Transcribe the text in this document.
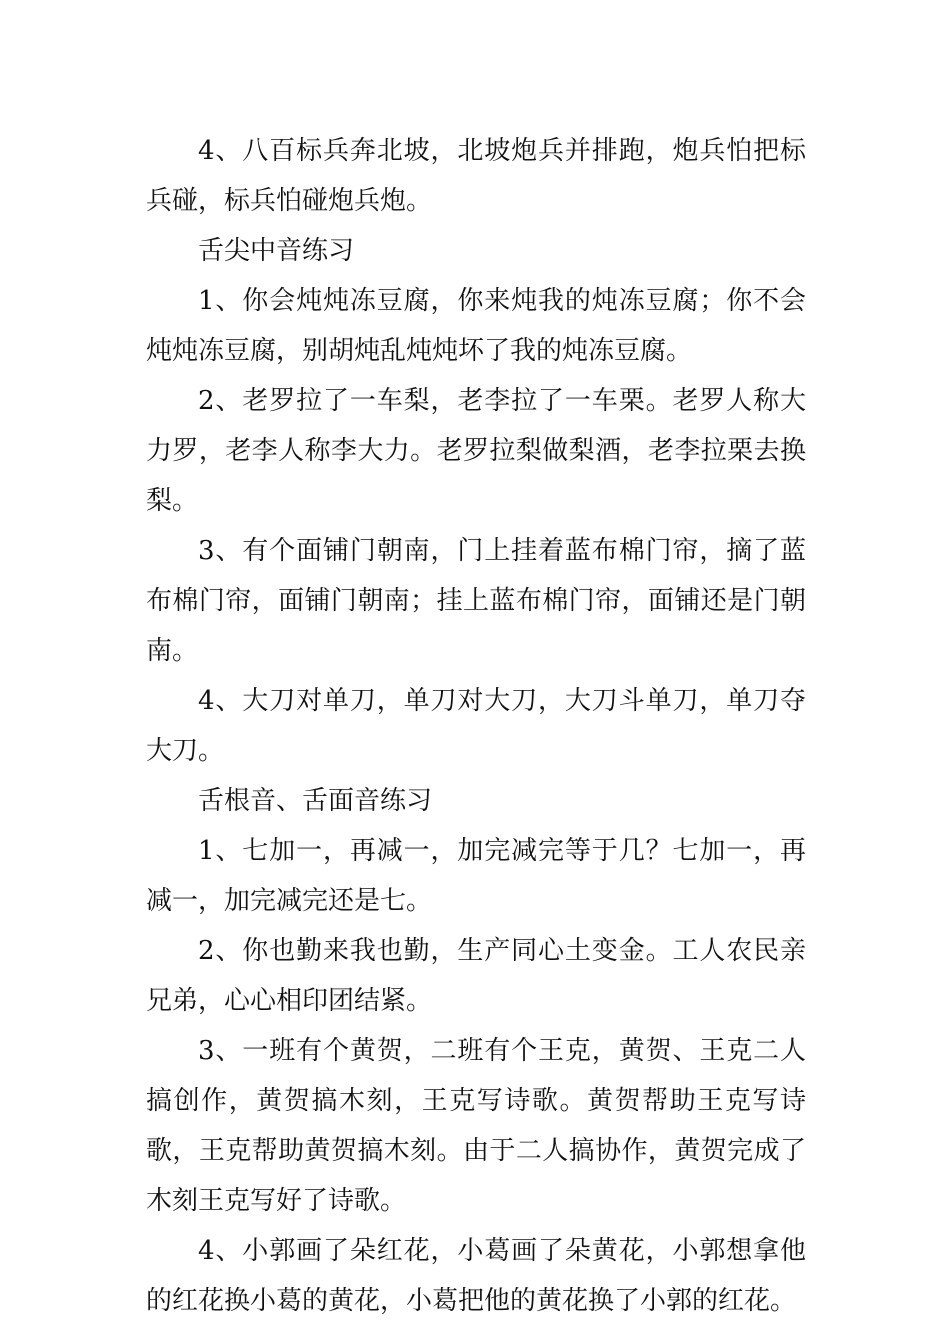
4、八百标兵奔北坡，北坡炮兵并排跑，炮兵怕把标兵碰，标兵怕碰炮兵炮。

舌尖中音练习

1、你会炖炖冻豆腐，你来炖我的炖冻豆腐；你不会炖炖冻豆腐，别胡炖乱炖炖坏了我的炖冻豆腐。

2、老罗拉了一车梨，老李拉了一车栗。老罗人称大力罗，老李人称李大力。老罗拉梨做梨酒，老李拉栗去换梨。

3、有个面铺门朝南，门上挂着蓝布棉门帘，摘了蓝布棉门帘，面铺门朝南；挂上蓝布棉门帘，面铺还是门朝南。

4、大刀对单刀，单刀对大刀，大刀斗单刀，单刀夺大刀。

舌根音、舌面音练习

1、七加一，再减一，加完减完等于几？七加一，再减一，加完减完还是七。

2、你也勤来我也勤，生产同心土变金。工人农民亲兄弟，心心相印团结紧。

3、一班有个黄贺，二班有个王克，黄贺、王克二人搞创作，黄贺搞木刻，王克写诗歌。黄贺帮助王克写诗歌，王克帮助黄贺搞木刻。由于二人搞协作，黄贺完成了木刻王克写好了诗歌。

4、小郭画了朵红花，小葛画了朵黄花，小郭想拿他的红花换小葛的黄花，小葛把他的黄花换了小郭的红花。
